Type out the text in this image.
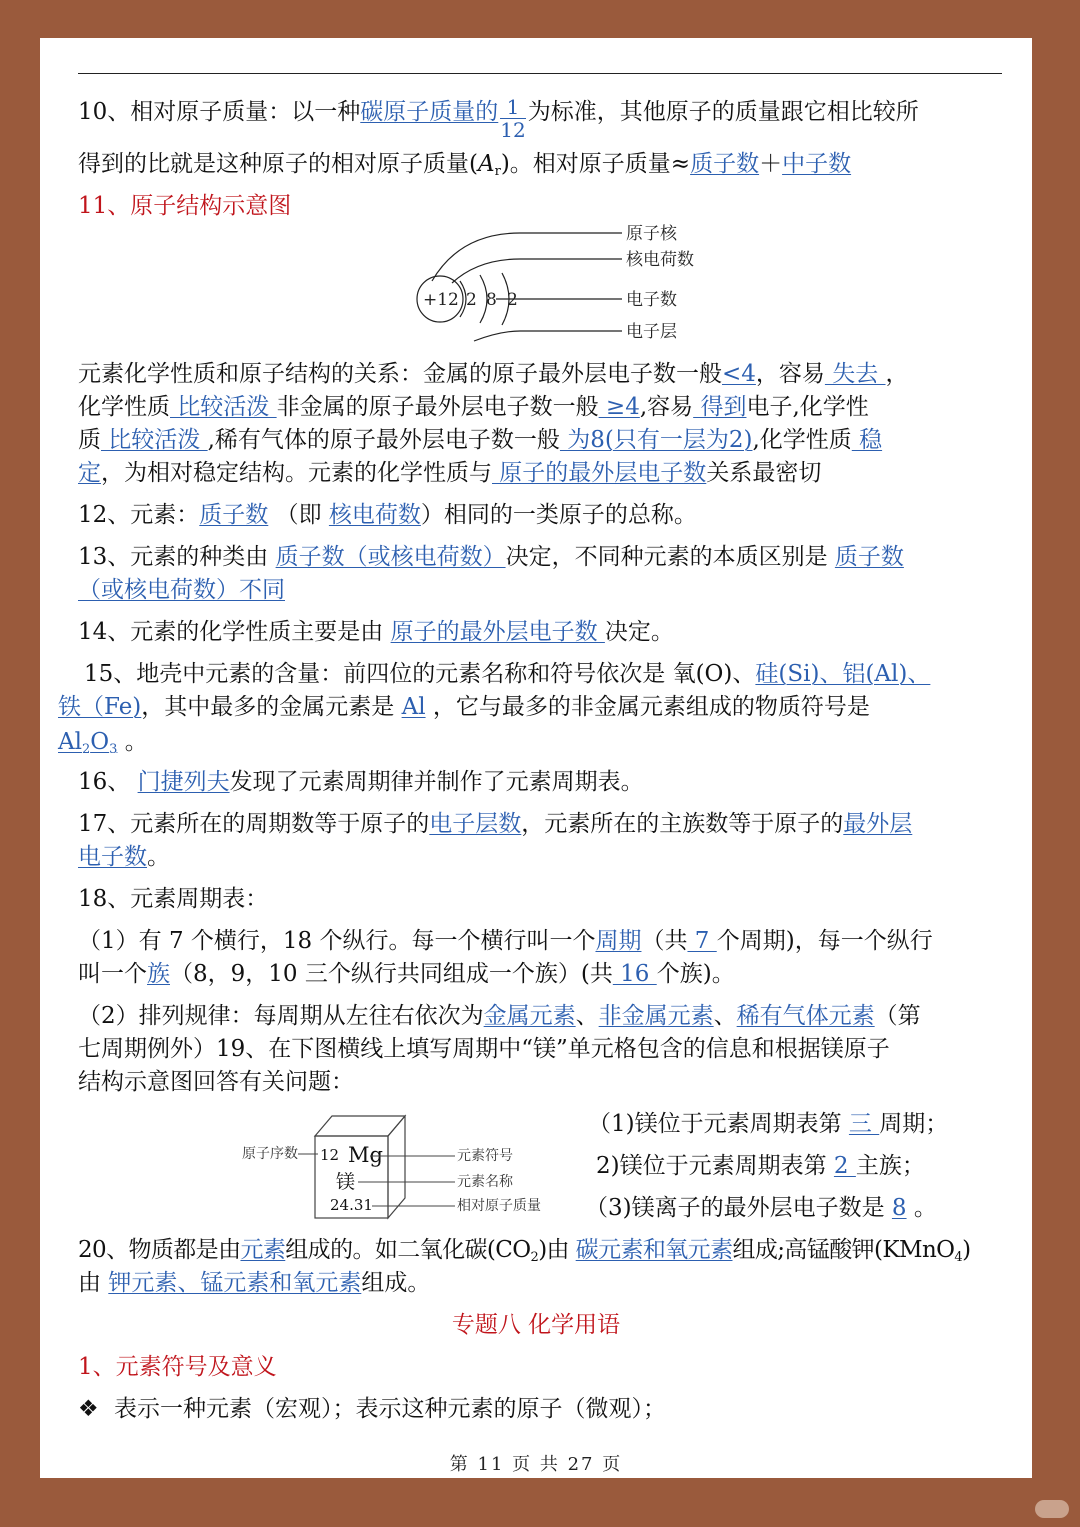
10、相对原子质量：以一种碳原子质量的 $\frac{1}{12}$ 为标准，其他原子的质量跟它相比较所
得到的比就是这种原子的相对原子质量$(A_r)$。相对原子质量≈质子数＋中子数
11、原子结构示意图
+12 2 8 2
原子核
核电荷数
电子数
电子层
元素化学性质和原子结构的关系：金属的原子最外层电子数一般<4，容易 失去 ，
化学性质 比较活泼 非金属的原子最外层电子数一般 ≥4,容易 得到电子,化学性
质 比较活泼 ,稀有气体的原子最外层电子数一般 为8(只有一层为2),化学性质 稳
定，为相对稳定结构。元素的化学性质与 原子的最外层电子数关系最密切
12、元素：质子数 （即 核电荷数）相同的一类原子的总称。
13、元素的种类由 质子数（或核电荷数）决定，不同种元素的本质区别是 质子数
（或核电荷数）不同
14、元素的化学性质主要是由 原子的最外层电子数 决定。
15、地壳中元素的含量：前四位的元素名称和符号依次是 氧(O)、硅(Si)、铝(Al)、
铁（Fe)，其中最多的金属元素是 Al ，它与最多的非金属元素组成的物质符号是
$Al_2O_3$ 。
16、 门捷列夫发现了元素周期律并制作了元素周期表。
17、元素所在的周期数等于原子的电子层数，元素所在的主族数等于原子的最外层
电子数。
18、元素周期表：
（1）有 7 个横行，18 个纵行。每一个横行叫一个周期（共 7 个周期)，每一个纵行
叫一个族（8，9，10 三个纵行共同组成一个族）(共 16 个族)。
（2）排列规律：每周期从左往右依次为金属元素、非金属元素、稀有气体元素（第
七周期例外）19、在下图横线上填写周期中“镁”单元格包含的信息和根据镁原子
结构示意图回答有关问题：
12 Mg
镁
24.31
原子序数	元素符号
元素名称
相对原子质量
（1)镁位于元素周期表第 三 周期；
2)镁位于元素周期表第 2 主族；
（3)镁离子的最外层电子数是 8 。
20、物质都是由元素组成的。如二氧化碳$(CO_2)$由 碳元素和氧元素组成;高锰酸钾(KMnO$_4$)
由 钾元素、锰元素和氧元素组成。
专题八 化学用语
1、元素符号及意义
❖ 表示一种元素（宏观）；表示这种元素的原子（微观）；
第 11 页 共 27 页
